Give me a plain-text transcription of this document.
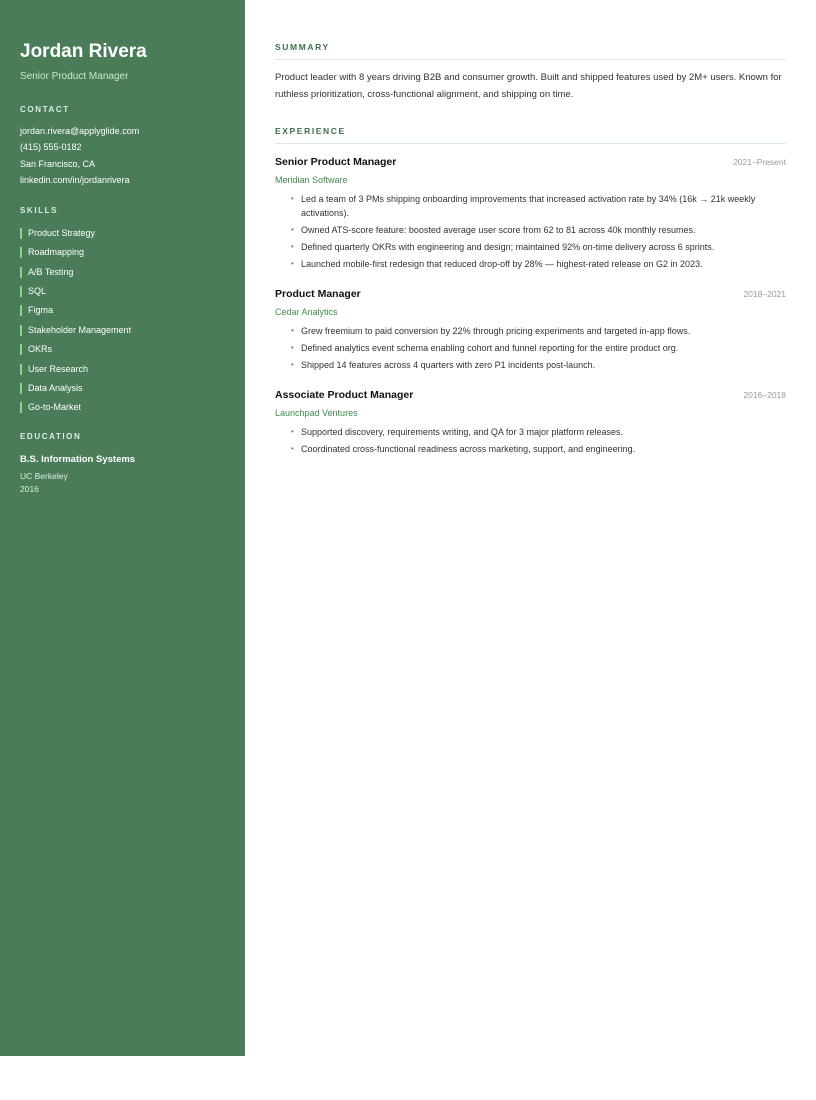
Jordan Rivera
Senior Product Manager
CONTACT
jordan.rivera@applyglide.com
(415) 555-0182
San Francisco, CA
linkedin.com/in/jordanrivera
SKILLS
Product Strategy
Roadmapping
A/B Testing
SQL
Figma
Stakeholder Management
OKRs
User Research
Data Analysis
Go-to-Market
EDUCATION
B.S. Information Systems
UC Berkeley
2016
SUMMARY

Product leader with 8 years driving B2B and consumer growth. Built and shipped features used by 2M+ users. Known for ruthless prioritization, cross-functional alignment, and shipping on time.

EXPERIENCE
Senior Product Manager	2021–Present
Meridian Software
• Led a team of 3 PMs shipping onboarding improvements that increased activation rate by 34% (16k → 21k weekly activations).
• Owned ATS-score feature: boosted average user score from 62 to 81 across 40k monthly resumes.
• Defined quarterly OKRs with engineering and design; maintained 92% on-time delivery across 6 sprints.
• Launched mobile-first redesign that reduced drop-off by 28% — highest-rated release on G2 in 2023.
Product Manager	2018–2021
Cedar Analytics
• Grew freemium to paid conversion by 22% through pricing experiments and targeted in-app flows.
• Defined analytics event schema enabling cohort and funnel reporting for the entire product org.
• Shipped 14 features across 4 quarters with zero P1 incidents post-launch.
Associate Product Manager	2016–2018
Launchpad Ventures
• Supported discovery, requirements writing, and QA for 3 major platform releases.
• Coordinated cross-functional readiness across marketing, support, and engineering.
